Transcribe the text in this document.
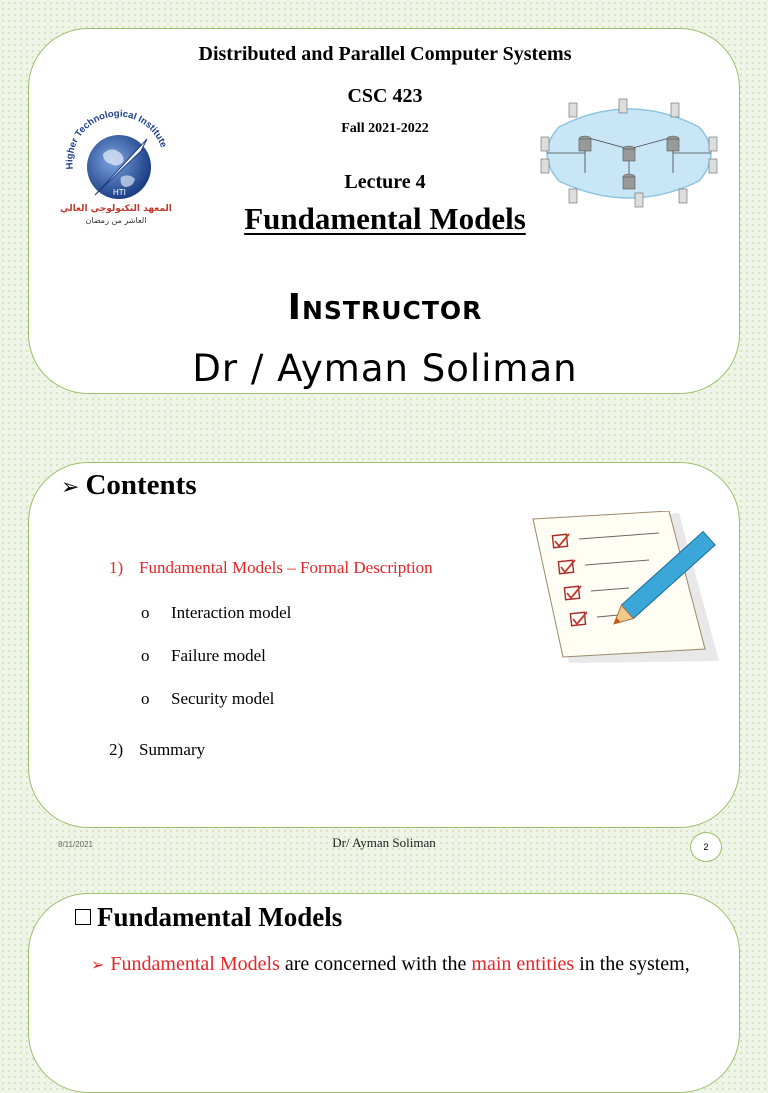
Distributed and Parallel Computer Systems
CSC 423
Fall 2021-2022
Lecture 4
Fundamental Models
Instructor
Dr / Ayman Soliman
Higher Technological Institute
HTI
المعهد التكنولوجي العالي
العاشر من رمضان
➢ Contents
1) Fundamental Models – Formal Description
o Interaction model
o Failure model
o Security model
2) Summary
8/11/2021	Dr/ Ayman Soliman	2
Fundamental Models
➢ Fundamental Models are concerned with the main entities in the system,
